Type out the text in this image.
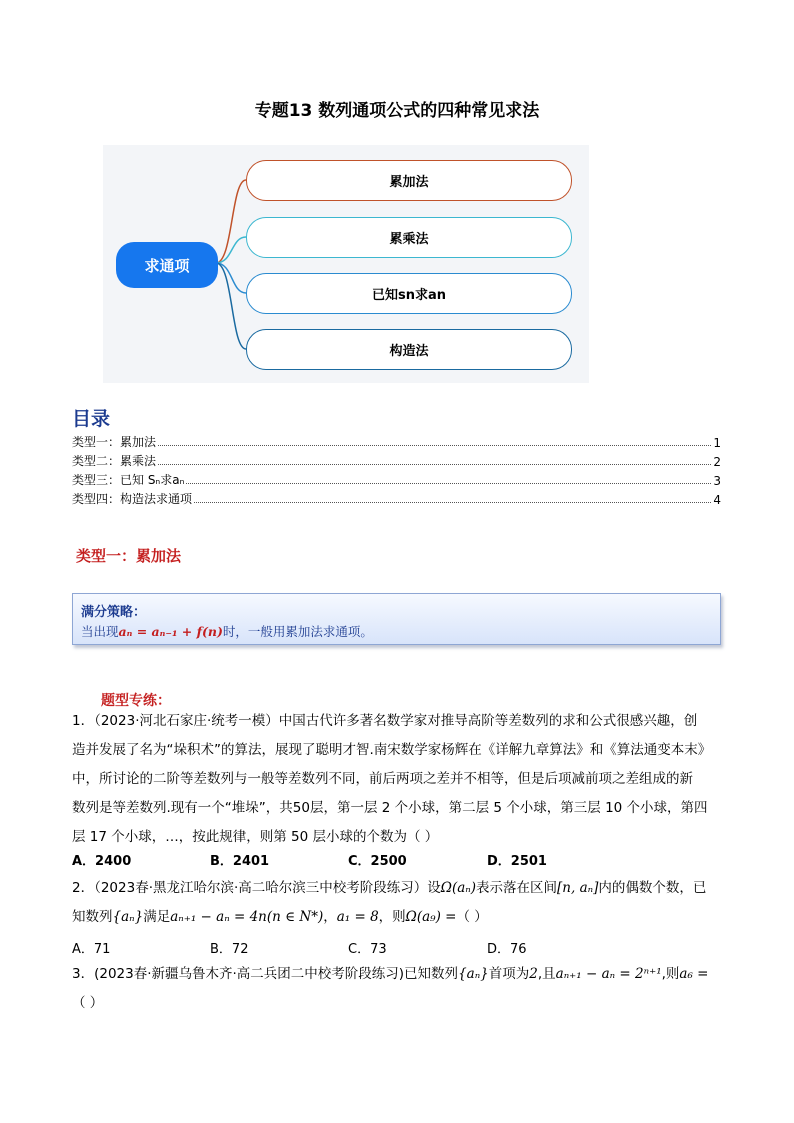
专题13 数列通项公式的四种常见求法
求通项
累加法
累乘法
已知sn求an
构造法
目录
类型一：累加法	1
类型二：累乘法	2
类型三：已知 Sₙ求aₙ	3
类型四：构造法求通项	4
类型一：累加法
满分策略：
当出现aₙ = aₙ₋₁ + f(n)时，一般用累加法求通项。
题型专练：
1．（2023·河北石家庄·统考一模）中国古代许多著名数学家对推导高阶等差数列的求和公式很感兴趣，创
造并发展了名为“垛积术”的算法，展现了聪明才智.南宋数学家杨辉在《详解九章算法》和《算法通变本末》
中，所讨论的二阶等差数列与一般等差数列不同，前后两项之差并不相等，但是后项减前项之差组成的新
数列是等差数列.现有一个“堆垛”，共50层，第一层 2 个小球，第二层 5 个小球，第三层 10 个小球，第四
层 17 个小球，…，按此规律，则第 50 层小球的个数为（ ）
A．2400	B．2401	C．2500	D．2501
2．（2023春·黑龙江哈尔滨·高二哈尔滨三中校考阶段练习）设Ω(aₙ)表示落在区间[n, aₙ]内的偶数个数，已
知数列{aₙ}满足aₙ₊₁ − aₙ = 4n(n ∈ N*)，a₁ = 8，则Ω(a₉) =（ ）
A．71	B．72	C．73	D．76
3．(2023春·新疆乌鲁木齐·高二兵团二中校考阶段练习)已知数列{aₙ}首项为2,且aₙ₊₁ − aₙ = 2ⁿ⁺¹,则a₆ =
（ ）
